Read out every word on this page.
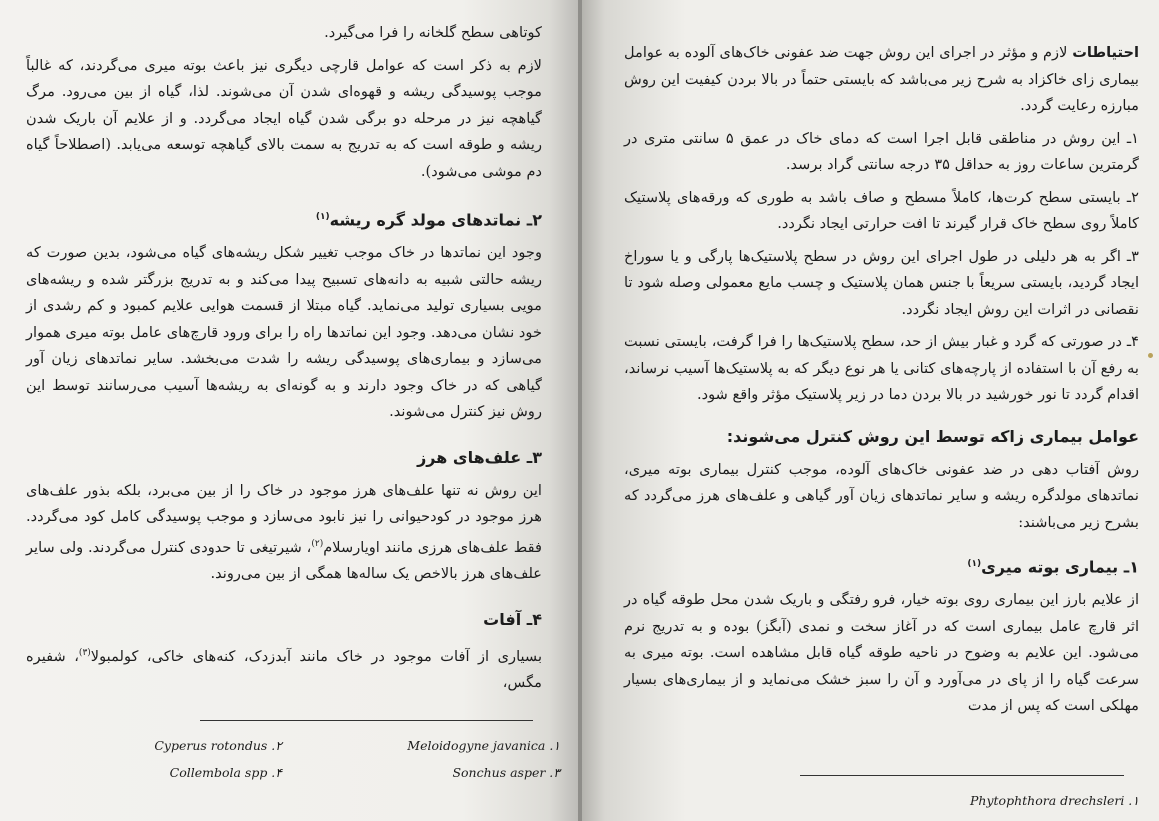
کوتاهی سطح گلخانه را فرا می‌گیرد.

لازم به ذکر است که عوامل قارچی دیگری نیز باعث بوته میری می‌گردند، که غالباً موجب پوسیدگی ریشه و قهوه‌ای شدن آن می‌شوند. لذا، گیاه از بین می‌رود. مرگ گیاهچه نیز در مرحله دو برگی شدن گیاه ایجاد می‌گردد. و از علایم آن باریک شدن ریشه و طوقه است که به تدریج به سمت بالای گیاهچه توسعه می‌یابد. (اصطلاحاً گیاه دم موشی می‌شود).

۲ـ نماتدهای مولد گره ریشه$^{(۱)}$

وجود این نماتدها در خاک موجب تغییر شکل ریشه‌های گیاه می‌شود، بدین صورت که ریشه حالتی شبیه به دانه‌های تسبیح پیدا می‌کند و به تدریج بزرگتر شده و ریشه‌های مویی بسیاری تولید می‌نماید. گیاه مبتلا از قسمت هوایی علایم کمبود و کم رشدی از خود نشان می‌دهد. وجود این نماتدها راه را برای ورود قارچ‌های عامل بوته میری هموار می‌سازد و بیماری‌های پوسیدگی ریشه را شدت می‌بخشد. سایر نماتدهای زیان آور گیاهی که در خاک وجود دارند و به گونه‌ای به ریشه‌ها آسیب می‌رسانند توسط این روش نیز کنترل می‌شوند.

۳ـ علف‌های هرز

این روش نه تنها علف‌های هرز موجود در خاک را از بین می‌برد، بلکه بذور علف‌های هرز موجود در کودحیوانی را نیز نابود می‌سازد و موجب پوسیدگی کامل کود می‌گردد. فقط علف‌های هرزی مانند اویارسلام$^{(۲)}$، شیرتیغی تا حدودی کنترل می‌گردند. ولی سایر علف‌های هرز بالاخص یک ساله‌ها همگی از بین می‌روند.

۴ـ آفات

بسیاری از آفات موجود در خاک مانند آبدزدک، کنه‌های خاکی، کولمبولا$^{(۳)}$، شفیره مگس،

Meloidogyne javanica .۱
Cyperus rotondus .۲
Sonchus asper .۳
Collembola spp .۴

احتیاطات لازم و مؤثر در اجرای این روش جهت ضد عفونی خاک‌های آلوده به عوامل بیماری زای خاکزاد به شرح زیر می‌باشد که بایستی حتماً در بالا بردن کیفیت این روش مبارزه رعایت گردد.

۱ـ این روش در مناطقی قابل اجرا است که دمای خاک در عمق ۵ سانتی متری در گرمترین ساعات روز به حداقل ۳۵ درجه سانتی گراد برسد.

۲ـ بایستی سطح کرت‌ها، کاملاً مسطح و صاف باشد به طوری که ورقه‌های پلاستیک کاملاً روی سطح خاک قرار گیرند تا افت حرارتی ایجاد نگردد.

۳ـ اگر به هر دلیلی در طول اجرای این روش در سطح پلاستیک‌ها پارگی و یا سوراخ ایجاد گردید، بایستی سریعاً با جنس همان پلاستیک و چسب مایع معمولی وصله شود تا نقصانی در اثرات این روش ایجاد نگردد.

۴ـ در صورتی که گرد و غبار بیش از حد، سطح پلاستیک‌ها را فرا گرفت، بایستی نسبت به رفع آن با استفاده از پارچه‌های کتانی یا هر نوع دیگر که به پلاستیک‌ها آسیب نرساند، اقدام گردد تا نور خورشید در بالا بردن دما در زیر پلاستیک مؤثر واقع شود.

عوامل بیماری زاکه توسط این روش کنترل می‌شوند:

روش آفتاب دهی در ضد عفونی خاک‌های آلوده، موجب کنترل بیماری بوته میری، نماتدهای مولدگره ریشه و سایر نماتدهای زیان آور گیاهی و علف‌های هرز می‌گردد که بشرح زیر می‌باشند:

۱ـ بیماری بوته میری$^{(۱)}$

از علایم بارز این بیماری روی بوته خیار، فرو رفتگی و باریک شدن محل طوقه گیاه در اثر قارچ عامل بیماری است که در آغاز سخت و نمدی (آبگز) بوده و به تدریج نرم می‌شود. این علایم به وضوح در ناحیه طوقه گیاه قابل مشاهده است. بوته میری به سرعت گیاه را از پای در می‌آورد و آن را سبز خشک می‌نماید و از بیماری‌های بسیار مهلکی است که پس از مدت

Phytophthora drechsleri .۱
